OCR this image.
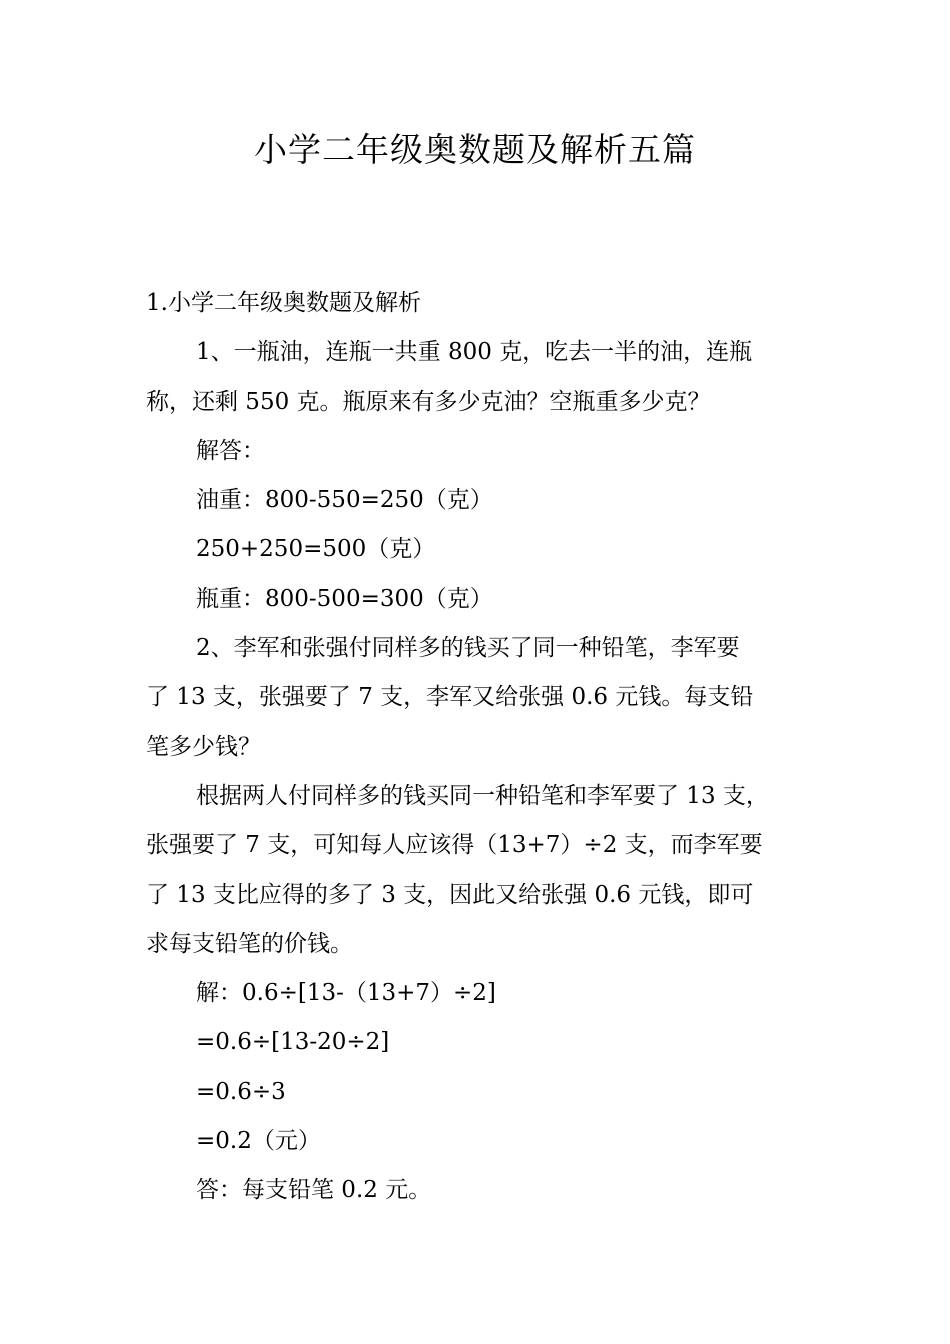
小学二年级奥数题及解析五篇
1.小学二年级奥数题及解析
1、一瓶油，连瓶一共重 800 克，吃去一半的油，连瓶
称，还剩 550 克。瓶原来有多少克油？空瓶重多少克？
解答：
油重：800-550=250（克）
250+250=500（克）
瓶重：800-500=300（克）
2、李军和张强付同样多的钱买了同一种铅笔，李军要
了 13 支，张强要了 7 支，李军又给张强 0.6 元钱。每支铅
笔多少钱？
根据两人付同样多的钱买同一种铅笔和李军要了 13 支，
张强要了 7 支，可知每人应该得（13+7）÷2 支，而李军要
了 13 支比应得的多了 3 支，因此又给张强 0.6 元钱，即可
求每支铅笔的价钱。
解：0.6÷[13-（13+7）÷2]
=0.6÷[13-20÷2]
=0.6÷3
=0.2（元）
答：每支铅笔 0.2 元。
